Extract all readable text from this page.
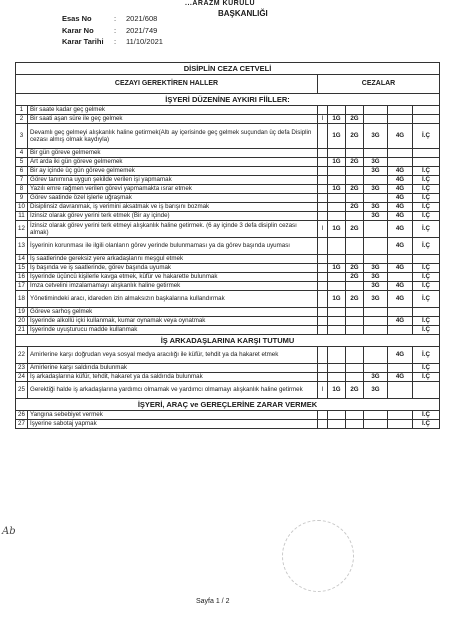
...ARAZM KURULU
BAŞKANLIĞI
Esas No	: 2021/608
Karar No	: 2021/749
Karar Tarihi : 11/10/2021
DİSİPLİN CEZA CETVELİ							
CEZAYI GEREKTİREN HALLER		CEZALAR					
İŞYERİ DÜZENİNE AYKIRI FİİLLER:							
1	Bir saate kadar geç gelmek						
2	Bir saati aşan süre ile geç gelmek	I	1G	2G			
3	Devamlı geç gelmeyi alışkanlık haline getirmek(Altı ay içerisinde geç gelmek suçundan üç defa Disiplin cezası almış olmak kaydıyla)		1G	2G	3G	4G	İ.Ç
4	Bir gün göreve gelmemek						
5	Art arda iki gün göreve gelmemek		1G	2G	3G		
6	Bir ay içinde üç gün göreve gelmemek				3G	4G	İ.Ç
7	Görev tanımına uygun şekilde verilen işi yapmamak					4G	İ.Ç
8	Yazılı emre rağmen verilen görevi yapmamakta ısrar etmek		1G	2G	3G	4G	İ.Ç
9	Görev saatinde özel işlerle uğraşmak					4G	İ.Ç
10	Disiplinsiz davranmak, iş verimini aksatmak ve iş barışını bozmak			2G	3G	4G	İ.Ç
11	İzinsiz olarak görev yerini terk etmek (Bir ay içinde)				3G	4G	İ.Ç
12	İzinsiz olarak görev yerini terk etmeyi alışkanlık haline getirmek. (6 ay içinde 3 defa disiplin cezası almak)	I	1G	2G		4G	İ.Ç
13	İşyerinin korunması ile ilgili olanların görev yerinde bulunmaması ya da görev başında uyuması					4G	İ.Ç
14	İş saatlerinde gereksiz yere arkadaşlarını meşgul etmek						
15	İş başında ve iş saatlerinde, görev başında uyumak		1G	2G	3G	4G	İ.Ç
16	İşyerinde üçüncü kişilerle kavga etmek, küfür ve hakarette bulunmak			2G	3G		İ.Ç
17	İmza cetvelini imzalamamayı alışkanlık haline getirmek				3G	4G	İ.Ç
18	Yönetimindeki aracı, idareden izin almaksızın başkalarına kullandırmak		1G	2G	3G	4G	İ.Ç
19	Göreve sarhoş gelmek						
20	İşyerinde alkollü içki kullanmak, kumar oynamak veya oynatmak					4G	İ.Ç
21	İşyerinde uyuşturucu madde kullanmak						İ.Ç
İŞ ARKADAŞLARINA KARŞI TUTUMU							
22	Amirlerine karşı doğrudan veya sosyal medya aracılığı ile küfür, tehdit ya da hakaret etmek					4G	İ.Ç
23	Amirlerine karşı saldırıda bulunmak						İ.Ç
24	İş arkadaşlarına küfür, tehdit, hakaret ya da saldırıda bulunmak				3G	4G	İ.Ç
25	Gerektiği halde iş arkadaşlarına yardımcı olmamak ve yardımcı olmamayı alışkanlık haline getirmek	I	1G	2G	3G		
İŞYERİ, ARAÇ ve GEREÇLERİNE ZARAR VERMEK							
26	Yangına sebebiyet vermek						İ.Ç
27	İşyerine sabotaj yapmak						İ.Ç
Ab
Sayfa 1 / 2
